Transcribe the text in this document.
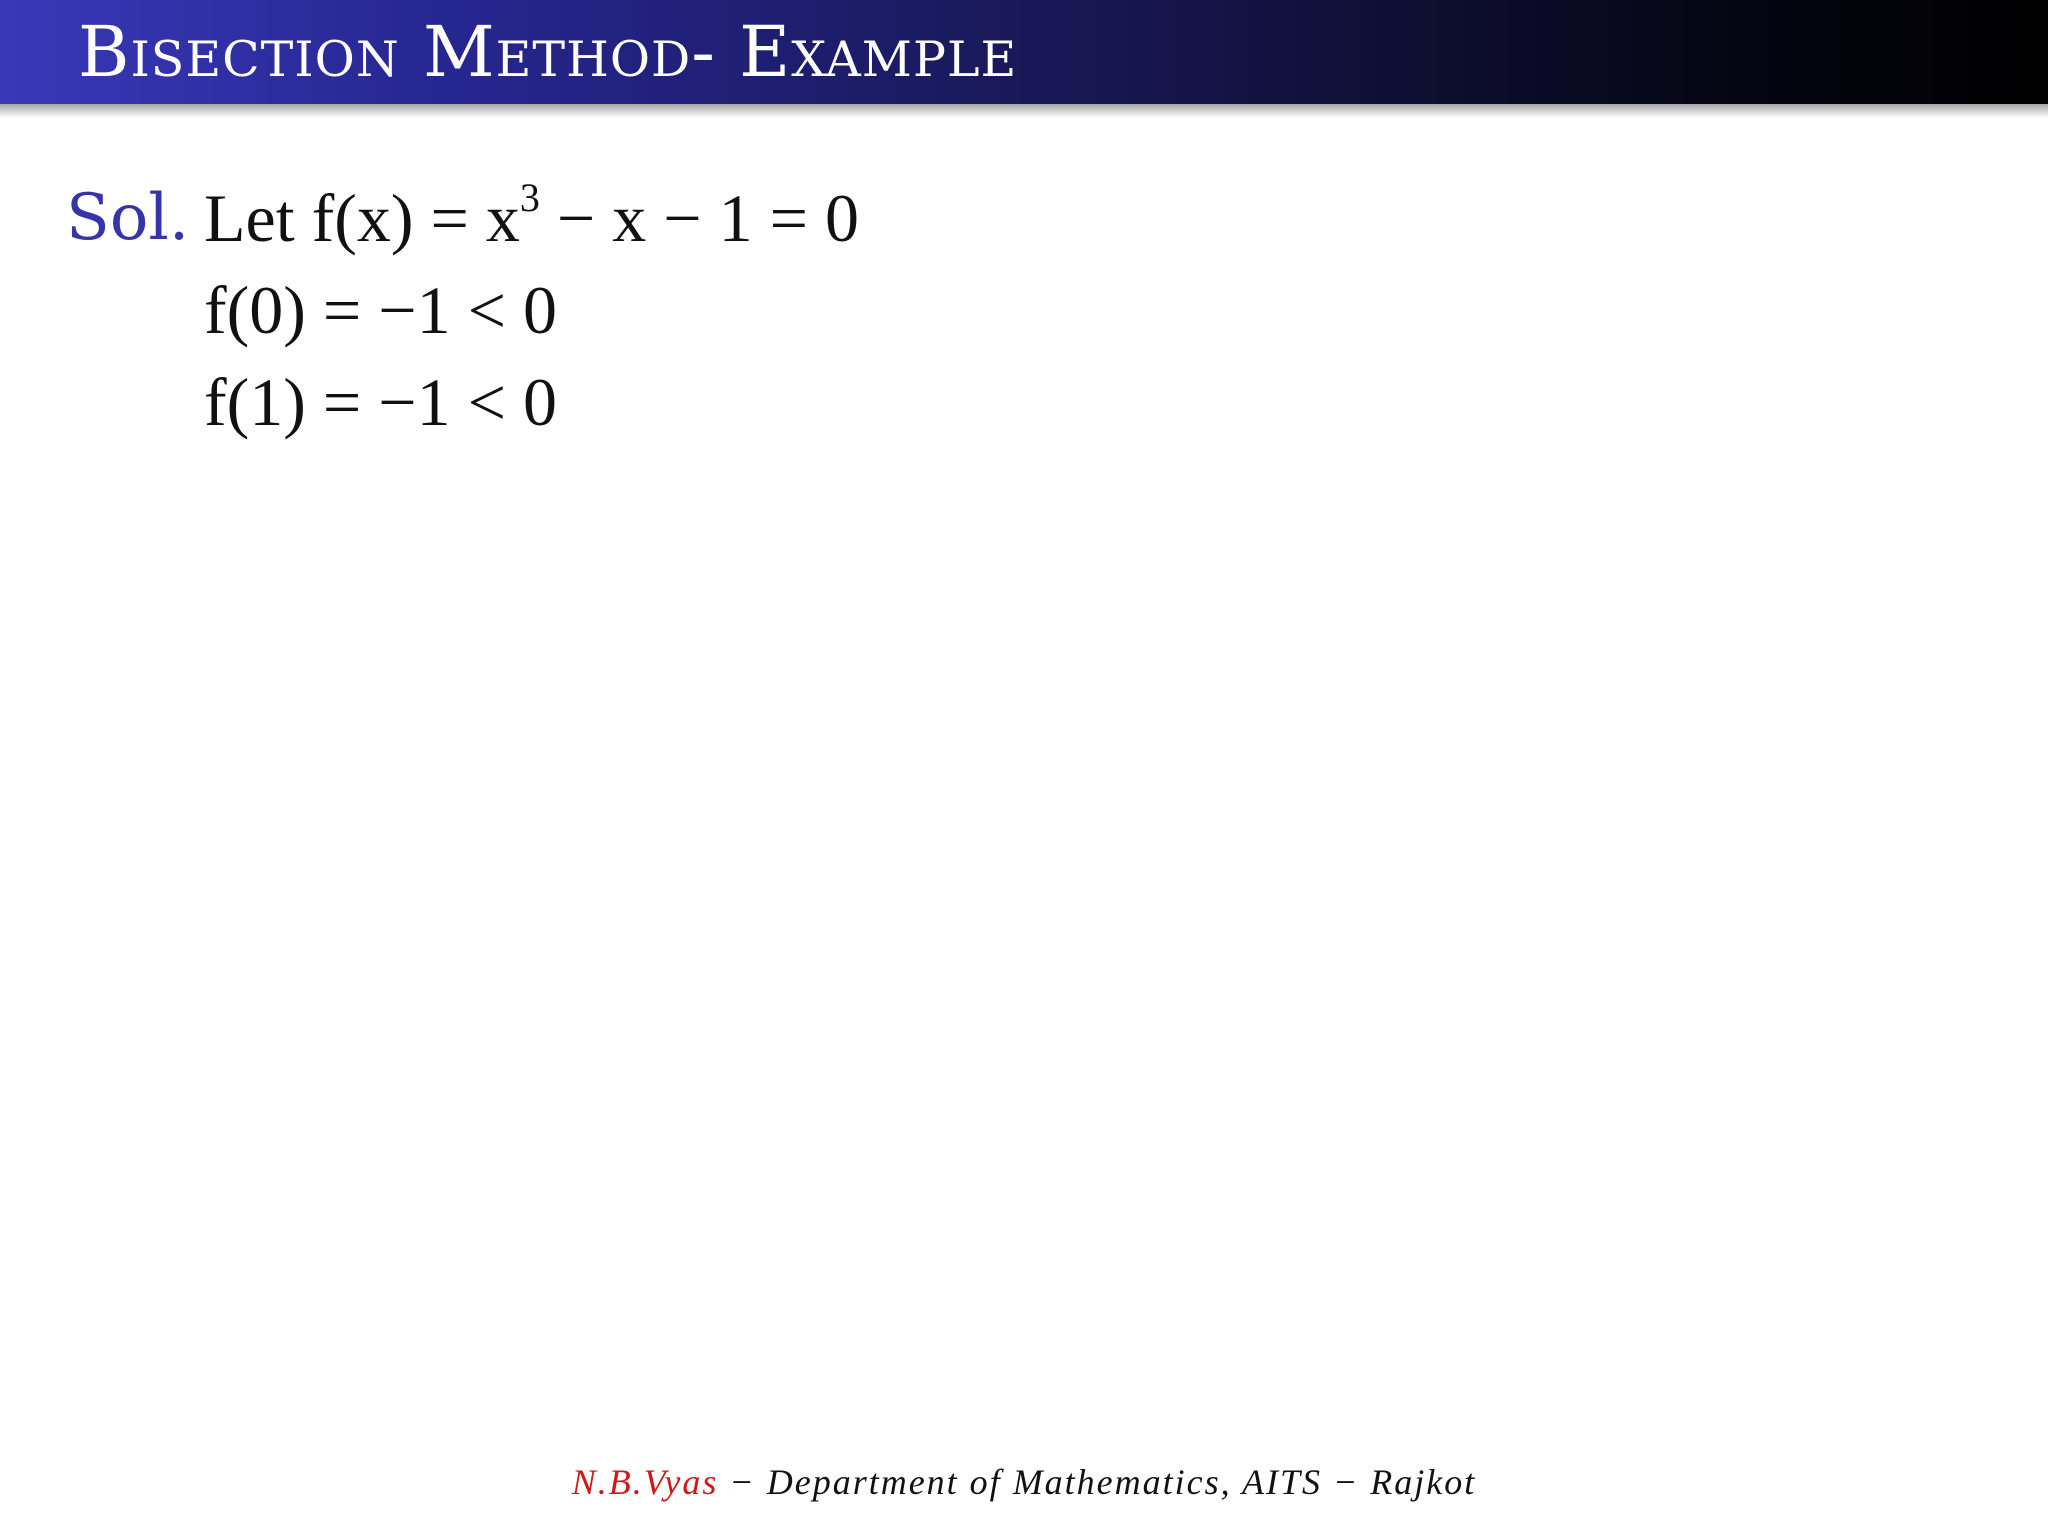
Bisection Method- Example
Sol. Let $f(x) = x^3 - x - 1 = 0$
f(0) = −1 < 0
f(1) = −1 < 0
N.B.Vyas − Department of Mathematics, AITS − Rajkot
